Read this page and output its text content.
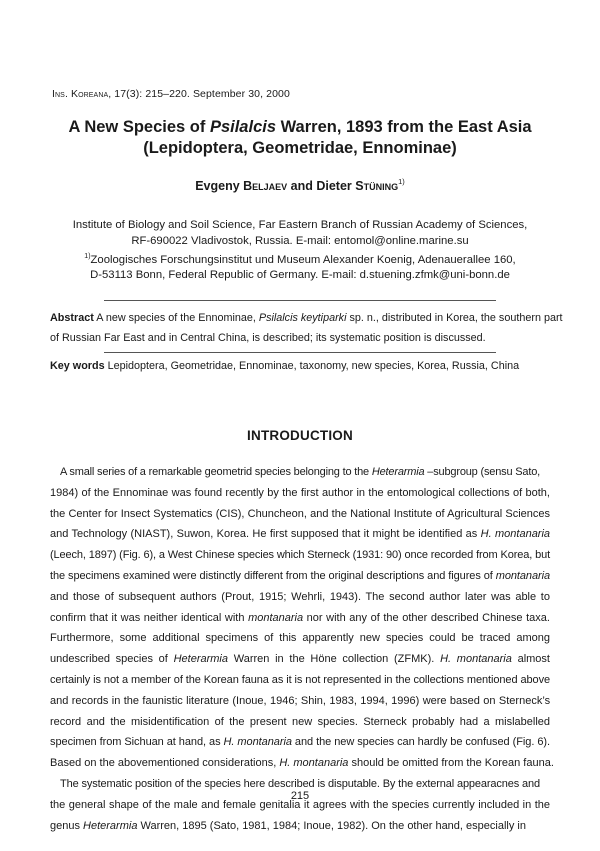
Ins. Koreana, 17(3): 215–220. September 30, 2000
A New Species of Psilalcis Warren, 1893 from the East Asia
(Lepidoptera, Geometridae, Ennominae)
Evgeny Beljaev and Dieter Stüning$^{1)}$
Institute of Biology and Soil Science, Far Eastern Branch of Russian Academy of Sciences,
RF-690022 Vladivostok, Russia. E-mail: entomol@online.marine.su
$^{1)}$Zoologisches Forschungsinstitut und Museum Alexander Koenig, Adenauerallee 160,
D-53113 Bonn, Federal Republic of Germany. E-mail: d.stuening.zfmk@uni-bonn.de
Abstract A new species of the Ennominae, Psilalcis keytiparki sp. n., distributed in Korea, the southern part
of Russian Far East and in Central China, is described; its systematic position is discussed.
Key words Lepidoptera, Geometridae, Ennominae, taxonomy, new species, Korea, Russia, China
INTRODUCTION
A small series of a remarkable geometrid species belonging to the Heterarmia –subgroup (sensu Sato,
1984) of the Ennominae was found recently by the first author in the entomological collections of both,
the Center for Insect Systematics (CIS), Chuncheon, and the National Institute of Agricultural Sciences
and Technology (NIAST), Suwon, Korea. He first supposed that it might be identified as H. montanaria
(Leech, 1897) (Fig. 6), a West Chinese species which Sterneck (1931: 90) once recorded from Korea, but
the specimens examined were distinctly different from the original descriptions and figures of montanaria
and those of subsequent authors (Prout, 1915; Wehrli, 1943). The second author later was able to
confirm that it was neither identical with montanaria nor with any of the other described Chinese taxa.
Furthermore, some additional specimens of this apparently new species could be traced among
undescribed species of Heterarmia Warren in the Höne collection (ZFMK). H. montanaria almost
certainly is not a member of the Korean fauna as it is not represented in the collections mentioned above
and records in the faunistic literature (Inoue, 1946; Shin, 1983, 1994, 1996) were based on Sterneck’s
record and the misidentification of the present new species. Sterneck probably had a mislabelled
specimen from Sichuan at hand, as H. montanaria and the new species can hardly be confused (Fig. 6).
Based on the abovementioned considerations, H. montanaria should be omitted from the Korean fauna.
The systematic position of the species here described is disputable. By the external appearacnes and
the general shape of the male and female genitalia it agrees with the species currently included in the
genus Heterarmia Warren, 1895 (Sato, 1981, 1984; Inoue, 1982). On the other hand, especially in
215
